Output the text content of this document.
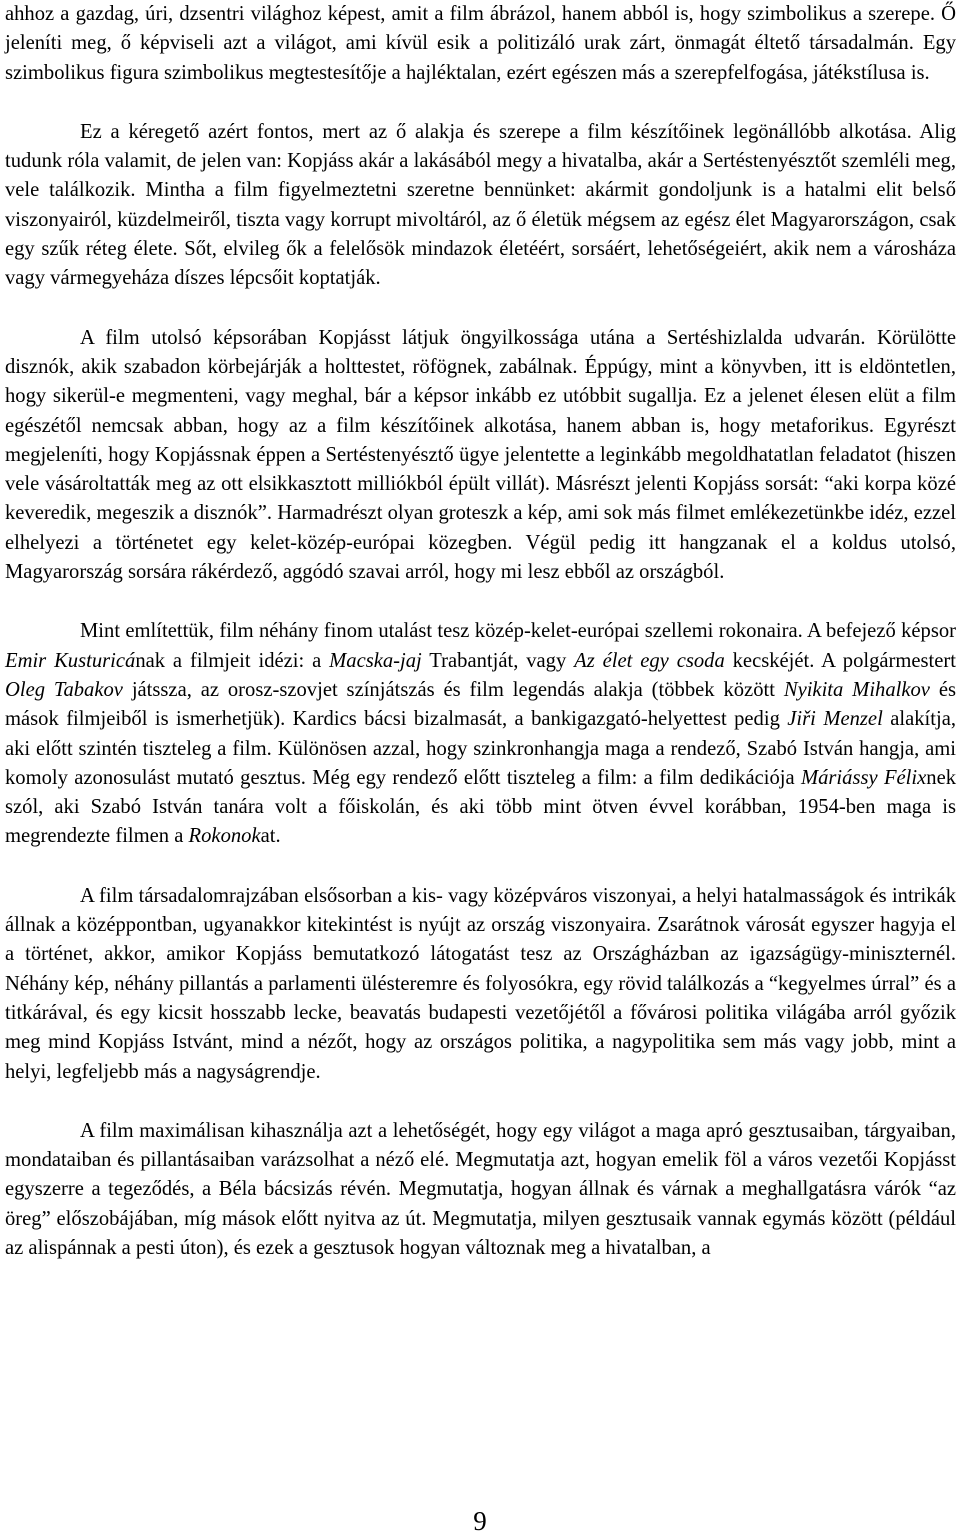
ahhoz a gazdag, úri, dzsentri világhoz képest, amit a film ábrázol, hanem abból is, hogy szimbolikus a szerepe. Ő jeleníti meg, ő képviseli azt a világot, ami kívül esik a politizáló urak zárt, önmagát éltető társadalmán. Egy szimbolikus figura szimbolikus megtestesítője a hajléktalan, ezért egészen más a szerepfelfogása, játékstílusa is.

Ez a kéregető azért fontos, mert az ő alakja és szerepe a film készítőinek legönállóbb alkotása. Alig tudunk róla valamit, de jelen van: Kopjáss akár a lakásából megy a hivatalba, akár a Sertéstenyésztőt szemléli meg, vele találkozik. Mintha a film figyelmeztetni szeretne bennünket: akármit gondoljunk is a hatalmi elit belső viszonyairól, küzdelmeiről, tiszta vagy korrupt mivoltáról, az ő életük mégsem az egész élet Magyarországon, csak egy szűk réteg élete. Sőt, elvileg ők a felelősök mindazok életéért, sorsáért, lehetőségeiért, akik nem a városháza vagy vármegyeháza díszes lépcsőit koptatják.

A film utolsó képsorában Kopjásst látjuk öngyilkossága utána a Sertéshizlalda udvarán. Körülötte disznók, akik szabadon körbejárják a holttestet, röfögnek, zabálnak. Éppúgy, mint a könyvben, itt is eldöntetlen, hogy sikerül-e megmenteni, vagy meghal, bár a képsor inkább ez utóbbit sugallja. Ez a jelenet élesen elüt a film egészétől nemcsak abban, hogy az a film készítőinek alkotása, hanem abban is, hogy metaforikus. Egyrészt megjeleníti, hogy Kopjássnak éppen a Sertéstenyésztő ügye jelentette a leginkább megoldhatatlan feladatot (hiszen vele vásároltatták meg az ott elsikkasztott milliókból épült villát). Másrészt jelenti Kopjáss sorsát: “aki korpa közé keveredik, megeszik a disznók”. Harmadrészt olyan groteszk a kép, ami sok más filmet emlékezetünkbe idéz, ezzel elhelyezi a történetet egy kelet-közép-európai közegben. Végül pedig itt hangzanak el a koldus utolsó, Magyarország sorsára rákérdező, aggódó szavai arról, hogy mi lesz ebből az országból.

Mint említettük, film néhány finom utalást tesz közép-kelet-európai szellemi rokonaira. A befejező képsor Emir Kusturicának a filmjeit idézi: a Macska-jaj Trabantját, vagy Az élet egy csoda kecskéjét. A polgármestert Oleg Tabakov játssza, az orosz-szovjet színjátszás és film legendás alakja (többek között Nyikita Mihalkov és mások filmjeiből is ismerhetjük). Kardics bácsi bizalmasát, a bankigazgató-helyettest pedig Jiři Menzel alakítja, aki előtt szintén tiszteleg a film. Különösen azzal, hogy szinkronhangja maga a rendező, Szabó István hangja, ami komoly azonosulást mutató gesztus. Még egy rendező előtt tiszteleg a film: a film dedikációja Máriássy Félixnek szól, aki Szabó István tanára volt a főiskolán, és aki több mint ötven évvel korábban, 1954-ben maga is megrendezte filmen a Rokonokat.

A film társadalomrajzában elsősorban a kis- vagy középváros viszonyai, a helyi hatalmasságok és intrikák állnak a középpontban, ugyanakkor kitekintést is nyújt az ország viszonyaira. Zsarátnok városát egyszer hagyja el a történet, akkor, amikor Kopjáss bemutatkozó látogatást tesz az Országházban az igazságügy-miniszternél. Néhány kép, néhány pillantás a parlamenti ülésteremre és folyosókra, egy rövid találkozás a “kegyelmes úrral” és a titkárával, és egy kicsit hosszabb lecke, beavatás budapesti vezetőjétől a fővárosi politika világába arról győzik meg mind Kopjáss Istvánt, mind a nézőt, hogy az országos politika, a nagypolitika sem más vagy jobb, mint a helyi, legfeljebb más a nagyságrendje.

A film maximálisan kihasználja azt a lehetőségét, hogy egy világot a maga apró gesztusaiban, tárgyaiban, mondataiban és pillantásaiban varázsolhat a néző elé. Megmutatja azt, hogyan emelik föl a város vezetői Kopjásst egyszerre a tegeződés, a Béla bácsizás révén. Megmutatja, hogyan állnak és várnak a meghallgatásra várók “az öreg” előszobájában, míg mások előtt nyitva az út. Megmutatja, milyen gesztusaik vannak egymás között (például az alispánnak a pesti úton), és ezek a gesztusok hogyan változnak meg a hivatalban, a

9
